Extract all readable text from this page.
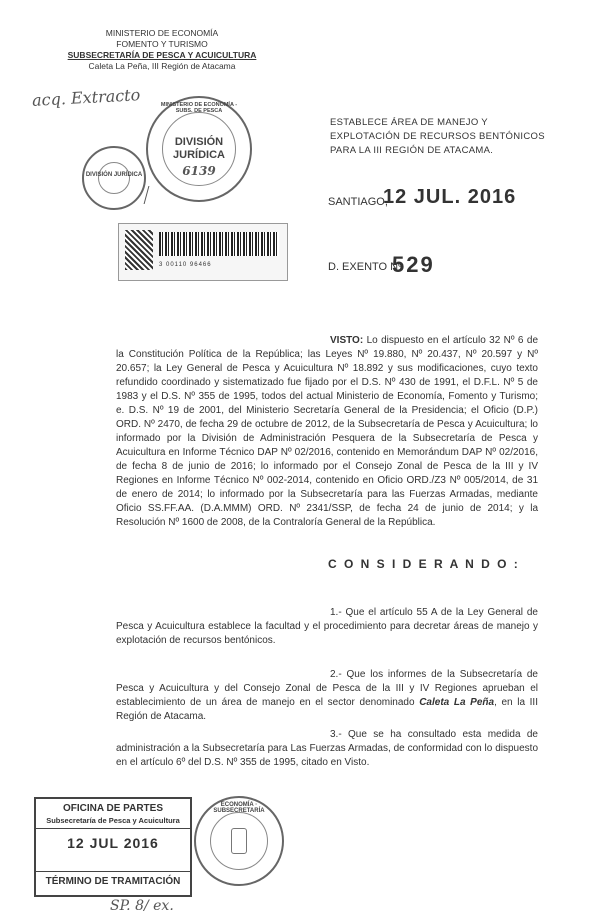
MINISTERIO DE ECONOMÍA
FOMENTO Y TURISMO
SUBSECRETARÍA DE PESCA Y ACUICULTURA
Caleta La Peña, III Región de Atacama
acq. Extracto
DIVISIÓN JURÍDICA
MINISTERIO DE ECONOMÍA - SUBS. DE PESCA
DIVISIÓN
JURÍDICA
6139
3 00110 96466
ESTABLECE ÁREA DE MANEJO Y EXPLOTACIÓN DE RECURSOS BENTÓNICOS PARA LA III REGIÓN DE ATACAMA.
SANTIAGO,
12 JUL. 2016
D. EXENTO Nº
529

VISTO: Lo dispuesto en el artículo 32 Nº 6 de la Constitución Política de la República; las Leyes Nº 19.880, Nº 20.437, Nº 20.597 y Nº 20.657; la Ley General de Pesca y Acuicultura Nº 18.892 y sus modificaciones, cuyo texto refundido coordinado y sistematizado fue fijado por el D.S. Nº 430 de 1991, el D.F.L. Nº 5 de 1983 y el D.S. Nº 355 de 1995, todos del actual Ministerio de Economía, Fomento y Turismo; e. D.S. Nº 19 de 2001, del Ministerio Secretaría General de la Presidencia; el Oficio (D.P.) ORD. Nº 2470, de fecha 29 de octubre de 2012, de la Subsecretaría de Pesca y Acuicultura; lo informado por la División de Administración Pesquera de la Subsecretaría de Pesca y Acuicultura en Informe Técnico DAP Nº 02/2016, contenido en Memorándum DAP Nº 02/2016, de fecha 8 de junio de 2016; lo informado por el Consejo Zonal de Pesca de la III y IV Regiones en Informe Técnico Nº 002-2014, contenido en Oficio ORD./Z3 Nº 005/2014, de 31 de enero de 2014; lo informado por la Subsecretaría para las Fuerzas Armadas, mediante Oficio SS.FF.AA. (D.A.MMM) ORD. Nº 2341/SSP, de fecha 24 de junio de 2014; y la Resolución Nº 1600 de 2008, de la Contraloría General de la República.

C O N S I D E R A N D O :

1.- Que el artículo 55 A de la Ley General de Pesca y Acuicultura establece la facultad y el procedimiento para decretar áreas de manejo y explotación de recursos bentónicos.

2.- Que los informes de la Subsecretaría de Pesca y Acuicultura y del Consejo Zonal de Pesca de la III y IV Regiones aprueban el establecimiento de un área de manejo en el sector denominado Caleta La Peña, en la III Región de Atacama.

3.- Que se ha consultado esta medida de administración a la Subsecretaría para Las Fuerzas Armadas, de conformidad con lo dispuesto en el artículo 6º del D.S. Nº 355 de 1995, citado en Visto.

OFICINA DE PARTES
Subsecretaría de Pesca y Acuicultura
12 JUL 2016
TÉRMINO DE TRAMITACIÓN
ECONOMÍA · SUBSECRETARÍA
SP. 8/ ex.
